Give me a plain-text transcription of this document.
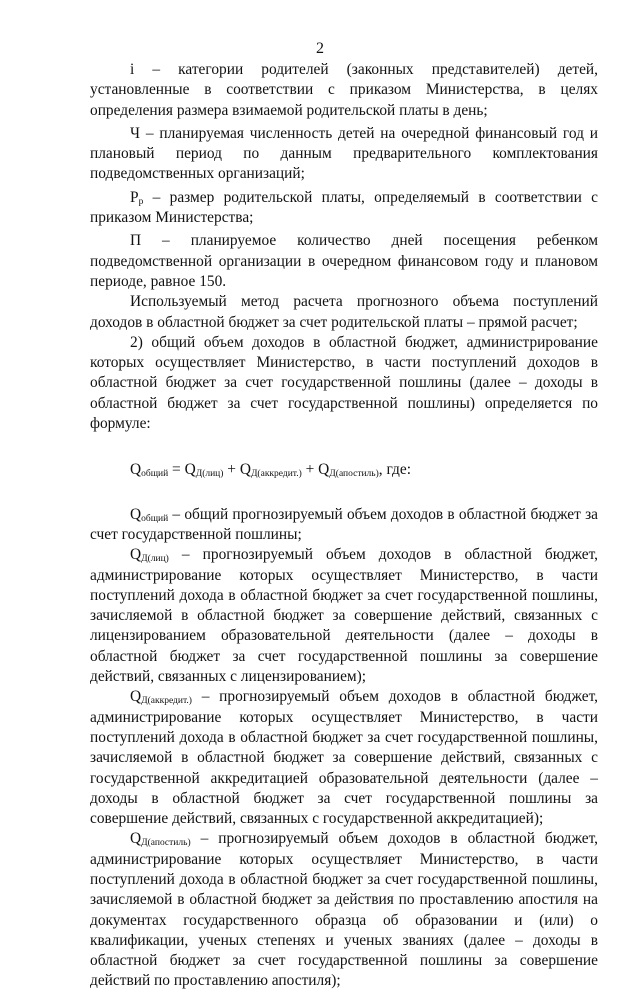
2

i – категории родителей (законных представителей) детей, установленные в соответствии с приказом Министерства, в целях определения размера взимаемой родительской платы в день;

Ч – планируемая численность детей на очередной финансовый год и плановый период по данным предварительного комплектования подведомственных организаций;

$Р_р$ – размер родительской платы, определяемый в соответствии с приказом Министерства;

П – планируемое количество дней посещения ребенком подведомственной организации в очередном финансовом году и плановом периоде, равное 150.

Используемый метод расчета прогнозного объема поступлений доходов в областной бюджет за счет родительской платы – прямой расчет;

2) общий объем доходов в областной бюджет, администрирование которых осуществляет Министерство, в части поступлений доходов в областной бюджет за счет государственной пошлины (далее – доходы в областной бюджет за счет государственной пошлины) определяется по формуле:

$Q_{общий} = Q_{Д(лиц)} + Q_{Д(аккредит.)} + Q_{Д(апостиль)}$, где:

$Q_{общий}$ – общий прогнозируемый объем доходов в областной бюджет за счет государственной пошлины;

$Q_{Д(лиц)}$ – прогнозируемый объем доходов в областной бюджет, администрирование которых осуществляет Министерство, в части поступлений дохода в областной бюджет за счет государственной пошлины, зачисляемой в областной бюджет за совершение действий, связанных с лицензированием образовательной деятельности (далее – доходы в областной бюджет за счет государственной пошлины за совершение действий, связанных с лицензированием);

$Q_{Д(аккредит.)}$ – прогнозируемый объем доходов в областной бюджет, администрирование которых осуществляет Министерство, в части поступлений дохода в областной бюджет за счет государственной пошлины, зачисляемой в областной бюджет за совершение действий, связанных с государственной аккредитацией образовательной деятельности (далее – доходы в областной бюджет за счет государственной пошлины за совершение действий, связанных с государственной аккредитацией);

$Q_{Д(апостиль)}$ – прогнозируемый объем доходов в областной бюджет, администрирование которых осуществляет Министерство, в части поступлений дохода в областной бюджет за счет государственной пошлины, зачисляемой в областной бюджет за действия по проставлению апостиля на документах государственного образца об образовании и (или) о квалификации, ученых степенях и ученых званиях (далее – доходы в областной бюджет за счет государственной пошлины за совершение действий по проставлению апостиля);
